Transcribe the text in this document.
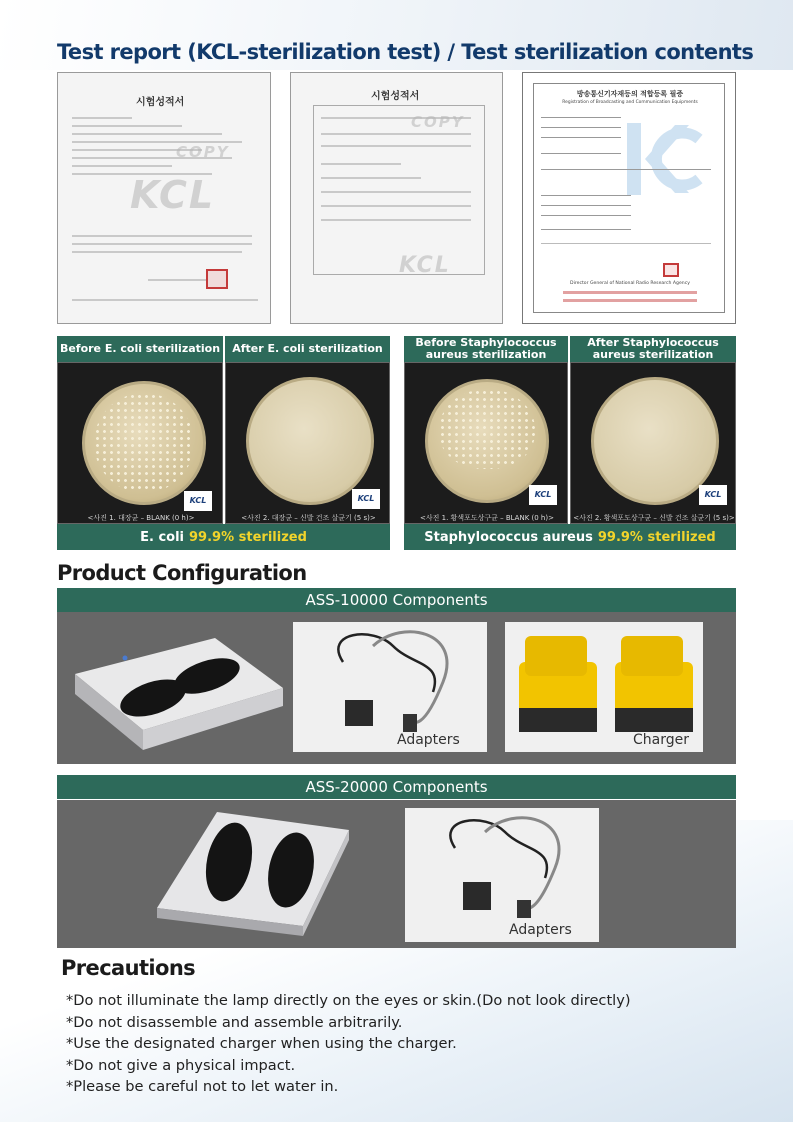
Test report (KCL-sterilization test) / Test sterilization contents
시험성적서
KCL
COPY
시험성적서
COPY
KCL
방송통신기자재등의 적합등록 필증
Registration of Broadcasting and Communication Equipments
Director General of National Radio Research Agency
Before E. coli sterilization	After E. coli sterilization	Before Staphylococcus aureus sterilization
After Staphylococcus aureus sterilization
KCL
<사진 1. 대장균 – BLANK (0 h)>
KCL
<사진 2. 대장균 – 신발 건조 살균기 (5 s)>
KCL
<사진 1. 황색포도상구균 – BLANK (0 h)>
KCL
<사진 2. 황색포도상구균 – 신발 건조 살균기 (5 s)>
E. coli 99.9% sterilized	Staphylococcus aureus 99.9% sterilized
Product Configuration
ASS-10000 Components
Adapters	Charger
ASS-20000 Components
Adapters
Precautions
*Do not illuminate the lamp directly on the eyes or skin.(Do not look directly)
*Do not disassemble and assemble arbitrarily.
*Use the designated charger when using the charger.
*Do not give a physical impact.
*Please be careful not to let water in.
